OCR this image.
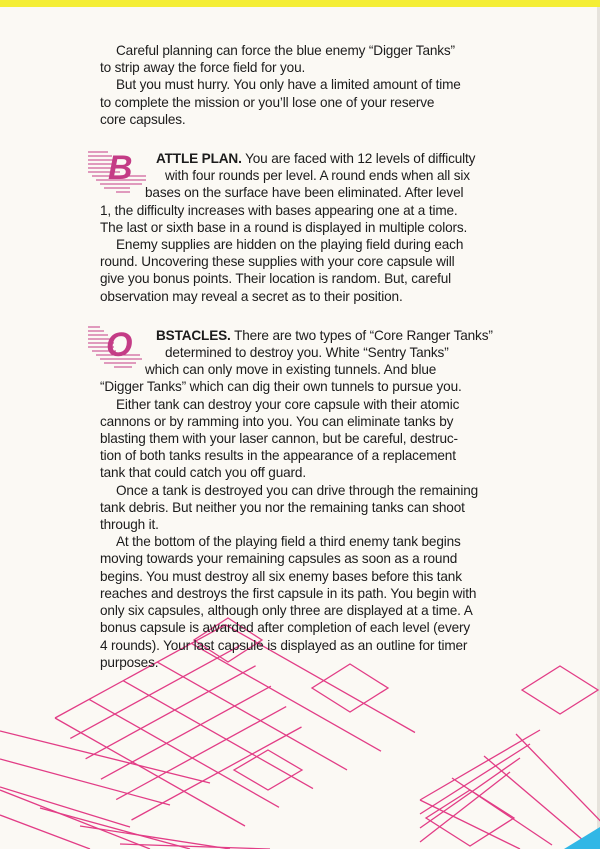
Careful planning can force the blue enemy “Digger Tanks”
to strip away the force field for you.
But you must hurry. You only have a limited amount of time
to complete the mission or you’ll lose one of your reserve
core capsules.
B	ATTLE PLAN. You are faced with 12 levels of difficulty
with four rounds per level. A round ends when all six
bases on the surface have been eliminated. After level
1, the difficulty increases with bases appearing one at a time.
The last or sixth base in a round is displayed in multiple colors.
Enemy supplies are hidden on the playing field during each
round. Uncovering these supplies with your core capsule will
give you bonus points. Their location is random. But, careful
observation may reveal a secret as to their position.
O	BSTACLES. There are two types of “Core Ranger Tanks”
determined to destroy you. White “Sentry Tanks”
which can only move in existing tunnels. And blue
“Digger Tanks” which can dig their own tunnels to pursue you.
Either tank can destroy your core capsule with their atomic
cannons or by ramming into you. You can eliminate tanks by
blasting them with your laser cannon, but be careful, destruc-
tion of both tanks results in the appearance of a replacement
tank that could catch you off guard.
Once a tank is destroyed you can drive through the remaining
tank debris. But neither you nor the remaining tanks can shoot
through it.
At the bottom of the playing field a third enemy tank begins
moving towards your remaining capsules as soon as a round
begins. You must destroy all six enemy bases before this tank
reaches and destroys the first capsule in its path. You begin with
only six capsules, although only three are displayed at a time. A
bonus capsule is awarded after completion of each level (every
4 rounds). Your last capsule is displayed as an outline for timer
purposes.
